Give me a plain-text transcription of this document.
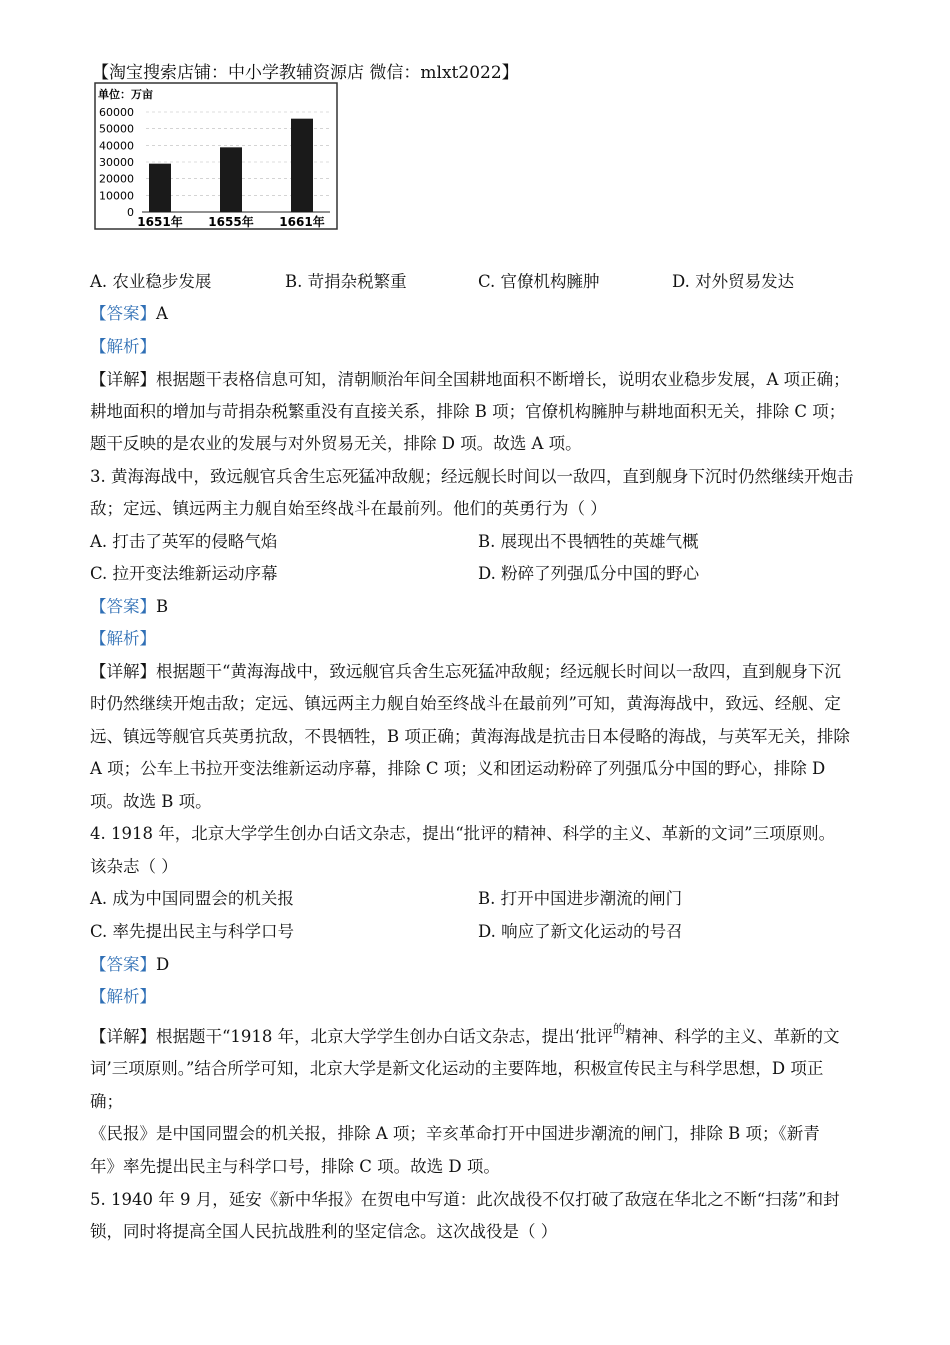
【淘宝搜索店铺：中小学教辅资源店 微信：mlxt2022】
单位：万亩
60000
50000
40000
30000
20000
10000
0
1651年 1655年 1661年
A. 农业稳步发展	B. 苛捐杂税繁重	C. 官僚机构臃肿	D. 对外贸易发达
【答案】A
【解析】
【详解】根据题干表格信息可知，清朝顺治年间全国耕地面积不断增长，说明农业稳步发展，A 项正确；
耕地面积的增加与苛捐杂税繁重没有直接关系，排除 B 项；官僚机构臃肿与耕地面积无关，排除 C 项；
题干反映的是农业的发展与对外贸易无关，排除 D 项。故选 A 项。
3. 黄海海战中，致远舰官兵舍生忘死猛冲敌舰；经远舰长时间以一敌四，直到舰身下沉时仍然继续开炮击
敌；定远、镇远两主力舰自始至终战斗在最前列。他们的英勇行为（ ）
A. 打击了英军的侵略气焰	B. 展现出不畏牺牲的英雄气概
C. 拉开变法维新运动序幕	D. 粉碎了列强瓜分中国的野心
【答案】B
【解析】
【详解】根据题干“黄海海战中，致远舰官兵舍生忘死猛冲敌舰；经远舰长时间以一敌四，直到舰身下沉
时仍然继续开炮击敌；定远、镇远两主力舰自始至终战斗在最前列”可知，黄海海战中，致远、经舰、定
远、镇远等舰官兵英勇抗敌，不畏牺牲，B 项正确；黄海海战是抗击日本侵略的海战，与英军无关，排除
A 项；公车上书拉开变法维新运动序幕，排除 C 项；义和团运动粉碎了列强瓜分中国的野心，排除 D
项。故选 B 项。
4. 1918 年，北京大学学生创办白话文杂志，提出“批评的精神、科学的主义、革新的文词”三项原则。
该杂志（ ）
A. 成为中国同盟会的机关报	B. 打开中国进步潮流的闸门
C. 率先提出民主与科学口号	D. 响应了新文化运动的号召
【答案】D
【解析】
【详解】根据题干“1918 年，北京大学学生创办白话文杂志，提出‘批评$^的$精神、科学的主义、革新的文
词’三项原则。”结合所学可知，北京大学是新文化运动的主要阵地，积极宣传民主与科学思想，D 项正
确；
《民报》是中国同盟会的机关报，排除 A 项；辛亥革命打开中国进步潮流的闸门，排除 B 项；《新青
年》率先提出民主与科学口号，排除 C 项。故选 D 项。
5. 1940 年 9 月，延安《新中华报》在贺电中写道：此次战役不仅打破了敌寇在华北之不断“扫荡”和封
锁，同时将提高全国人民抗战胜利的坚定信念。这次战役是（ ）
